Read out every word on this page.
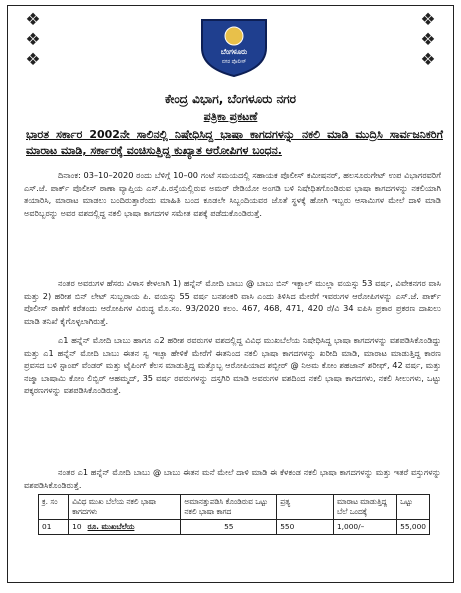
❖
❖
❖
❖
❖
❖
ಬೆಂಗಳೂರು
ನಗರ ಪೊಲೀಸ್
ಕೇಂದ್ರ ವಿಭಾಗ, ಬೆಂಗಳೂರು ನಗರ
ಪತ್ರಿಕಾ ಪ್ರಕಟಣೆ
ಭಾರತ ಸರ್ಕಾರ 2002ನೇ ಸಾಲಿನಲ್ಲಿ ನಿಷೇಧಿಸಿದ್ದ ಭಾಷಾ ಕಾಗದಗಳನ್ನು ನಕಲಿ ಮಾಡಿ ಮುದ್ರಿಸಿ ಸಾರ್ವಜನಿಕರಿಗೆ ಮಾರಾಟ ಮಾಡಿ, ಸರ್ಕಾರಕ್ಕೆ ವಂಚಿಸುತ್ತಿದ್ದ ಕುಖ್ಯಾತ ಆರೋಪಿಗಳ ಬಂಧನ.

ದಿನಾಂಕ: 03–10–2020 ರಂದು ಬೆಳಿಗ್ಗೆ 10–00 ಗಂಟೆ ಸಮಯದಲ್ಲಿ ಸಹಾಯಕ ಪೊಲೀಸ್ ಕಮೀಷನರ್, ಹಲಸೂರುಗೇಟ್ ಉಪ ವಿಭಾಗರವರಿಗೆ ಎಸ್.ಜೆ. ಪಾರ್ಕ್ ಪೊಲೀಸ್ ಠಾಣಾ ವ್ಯಾಪ್ತಿಯ ಎಸ್.ಪಿ.ರಸ್ತೆಯಲ್ಲಿರುವ ಅಮರ್ ರೇಡಿಯೋ ಅಂಗಡಿ ಬಳಿ ನಿಷೇಧಿತಗೊಂಡಿರುವ ಭಾಷಾ ಕಾಗದಗಳನ್ನು ನಕಲಿಯಾಗಿ ತಯಾರಿಸಿ, ಮಾರಾಟ ಮಾಡಲು ಬಂದಿರುತ್ತಾರೆಂದು ಮಾಹಿತಿ ಬಂದ ಕೂಡಲೇ ಸಿಬ್ಬಂದಿಯವರ ಜೊತೆ ಸ್ಥಳಕ್ಕೆ ಹೋಗಿ ಇಬ್ಬರು ಆಸಾಮಿಗಳ ಮೇಲೆ ದಾಳಿ ಮಾಡಿ ಅವರಿಬ್ಬರನ್ನು ಅವರ ವಶದಲ್ಲಿದ್ದ ನಕಲಿ ಭಾಷಾ ಕಾಗದಗಳ ಸಮೇತ ವಶಕ್ಕೆ ಪಡೆದುಕೊಂಡಿರುತ್ತೆ.

ನಂತರ ಅವರುಗಳ ಹೆಸರು ವಿಳಾಸ ಕೇಳಲಾಗಿ 1) ಹನ್ನೆನ್ ಮೋದಿ ಬಾಬು @ ಬಾಬು ಬಿನ್ ಇಕ್ಬಾಲ್ ಮುಲ್ಲಾ ವಯಸ್ಸು 53 ವರ್ಷ, ವಿವೇಕನಗರ ವಾಸಿ ಮತ್ತು 2) ಹರೀಶ ಬಿನ್ ಲೇಟ್ ಸುಬ್ಬರಾಯ ಪಿ. ವಯಸ್ಸು 55 ವರ್ಷ ಬನಶಂಕರಿ ವಾಸಿ ಎಂದು ತಿಳಿಸಿದ ಮೇರೆಗೆ ಇವರುಗಳ ಆರೋಪಿಗಳನ್ನು ಎಸ್.ಜೆ. ಪಾರ್ಕ್ ಪೊಲೀಸ್ ಠಾಣೆಗೆ ಕರೆತಂದು ಆರೋಪಿಗಳ ವಿರುದ್ಧ ಮೊ.ಸಂ. 93/2020 ಕಲಂ. 467, 468, 471, 420 ರೆ/ವಿ 34 ಐಪಿಸಿ ಪ್ರಕಾರ ಪ್ರಕರಣ ದಾಖಲು ಮಾಡಿ ತನಿಖೆ ಕೈಗೊಳ್ಳಲಾಗಿರುತ್ತೆ.

ಎ1 ಹನ್ನೆನ್ ಮೋದಿ ಬಾಬು ಹಾಗೂ ಎ2 ಹರೀಶ ರವರುಗಳ ವಶದಲ್ಲಿದ್ದ ವಿವಿಧ ಮುಖಬೆಲೆಯ ನಿಷೇಧಿಸಿದ್ದ ಭಾಷಾ ಕಾಗದಗಳನ್ನು ವಶಪಡಿಸಿಕೊಂಡಿದ್ದು ಮತ್ತು ಎ1 ಹನ್ನೆನ್ ಮೋದಿ ಬಾಬು ಈತನ ಸ್ವ ಇಚ್ಛಾ ಹೇಳಿಕೆ ಮೇರೆಗೆ ಈತನಿಂದ ನಕಲಿ ಭಾಷಾ ಕಾಗದಗಳನ್ನು ಖರೀದಿ ಮಾಡಿ, ಮಾರಾಟ ಮಾಡುತ್ತಿದ್ದ ಕಾರಣ ಪ್ರವಸದ ಬಳಿ ಸ್ಟಾಂಪ್ ವೆಂಡರ್ ಮತ್ತು ಟೈಪಿಂಗ್ ಕೆಲಸ ಮಾಡುತ್ತಿದ್ದ ಮತ್ತೊಬ್ಬ ಆರೋಪಿಯಾದ ಶಬ್ಬೀರ್ @ ನಿಅಮ ಕೋಂ ಶಹಜಾನ್ ಶರೀಫ್, 42 ವರ್ಷ, ಮತ್ತು ನಜ್ಮಾ ಬಾಷಾಮಿ ಕೋಂ ಲಿಬ್ಬಿರ್ ಆಹಮ್ಮದ್, 35 ವರ್ಷ ರವರುಗಳನ್ನು ದಸ್ತಗಿರಿ ಮಾಡಿ ಅವರುಗಳ ವಶದಿಂದ ನಕಲಿ ಭಾಷಾ ಕಾಗದಗಳು, ನಕಲಿ ಸೀಲುಗಳು, ಒಟ್ಟು ಪಕ್ಕರಣಗಳನ್ನು ವಶಪಡಿಸಿಕೊಂಡಿರುತ್ತೆ.

ನಂತರ ಎ1 ಹನ್ನೆನ್ ಮೋದಿ ಬಾಬು @ ಬಾಬು ಈತನ ಮನೆ ಮೇಲೆ ದಾಳಿ ಮಾಡಿ ಈ ಕೆಳಕಂಡ ನಕಲಿ ಭಾಷಾ ಕಾಗದಗಳನ್ನು ಮತ್ತು ಇತರೆ ವಸ್ತುಗಳನ್ನು ವಶಪಡಿಸಿಕೊಂಡಿರುತ್ತೆ.

ಕ್ರ. ಸಂ	ವಿವಿಧ ಮುಖ ಬೆಲೆಯ ನಕಲಿ ಭಾಷಾ ಕಾಗದಗಳು	ಅಮಾನತ್ತುಪಡಿಸಿ ಕೊಂಡಿರುವ ಒಟ್ಟು ನಕಲಿ ಭಾಷಾ ಕಾಗದ	ಪ್ರತ್ಯ	ಮಾರಾಟ ಮಾಡುತ್ತಿದ್ದ ಬೆಲೆ ಒಂದಕ್ಕೆ	ಒಟ್ಟು
01	10 ರೂ. ಮುಖಬೆಲೆಯ	55	550	1,000/–	55,000
